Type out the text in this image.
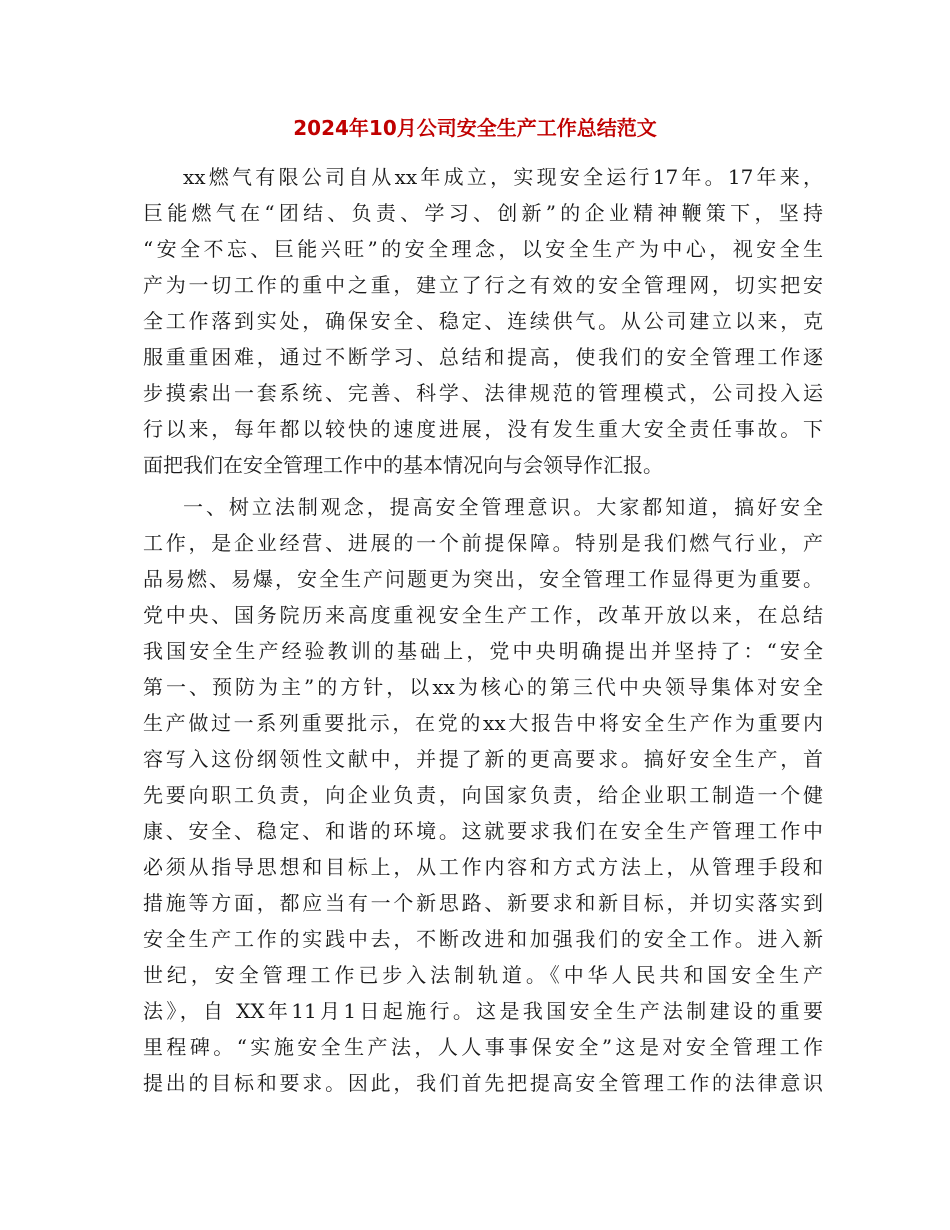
2024年10月公司安全生产工作总结范文
xx燃气有限公司自从xx年成立，实现安全运行17年。17年来，
巨能燃气在“团结、负责、学习、创新”的企业精神鞭策下，坚持
“安全不忘、巨能兴旺”的安全理念，以安全生产为中心，视安全生
产为一切工作的重中之重，建立了行之有效的安全管理网，切实把安
全工作落到实处，确保安全、稳定、连续供气。从公司建立以来，克
服重重困难，通过不断学习、总结和提高，使我们的安全管理工作逐
步摸索出一套系统、完善、科学、法律规范的管理模式，公司投入运
行以来，每年都以较快的速度进展，没有发生重大安全责任事故。下
面把我们在安全管理工作中的基本情况向与会领导作汇报。
一、树立法制观念，提高安全管理意识。大家都知道，搞好安全
工作，是企业经营、进展的一个前提保障。特别是我们燃气行业，产
品易燃、易爆，安全生产问题更为突出，安全管理工作显得更为重要。
党中央、国务院历来高度重视安全生产工作，改革开放以来，在总结
我国安全生产经验教训的基础上，党中央明确提出并坚持了：“安全
第一、预防为主”的方针，以xx为核心的第三代中央领导集体对安全
生产做过一系列重要批示，在党的xx大报告中将安全生产作为重要内
容写入这份纲领性文献中，并提了新的更高要求。搞好安全生产，首
先要向职工负责，向企业负责，向国家负责，给企业职工制造一个健
康、安全、稳定、和谐的环境。这就要求我们在安全生产管理工作中
必须从指导思想和目标上，从工作内容和方式方法上，从管理手段和
措施等方面，都应当有一个新思路、新要求和新目标，并切实落实到
安全生产工作的实践中去，不断改进和加强我们的安全工作。进入新
世纪，安全管理工作已步入法制轨道。《中华人民共和国安全生产
法》，自 XX年11月1日起施行。这是我国安全生产法制建设的重要
里程碑。“实施安全生产法，人人事事保安全”这是对安全管理工作
提出的目标和要求。因此，我们首先把提高安全管理工作的法律意识
